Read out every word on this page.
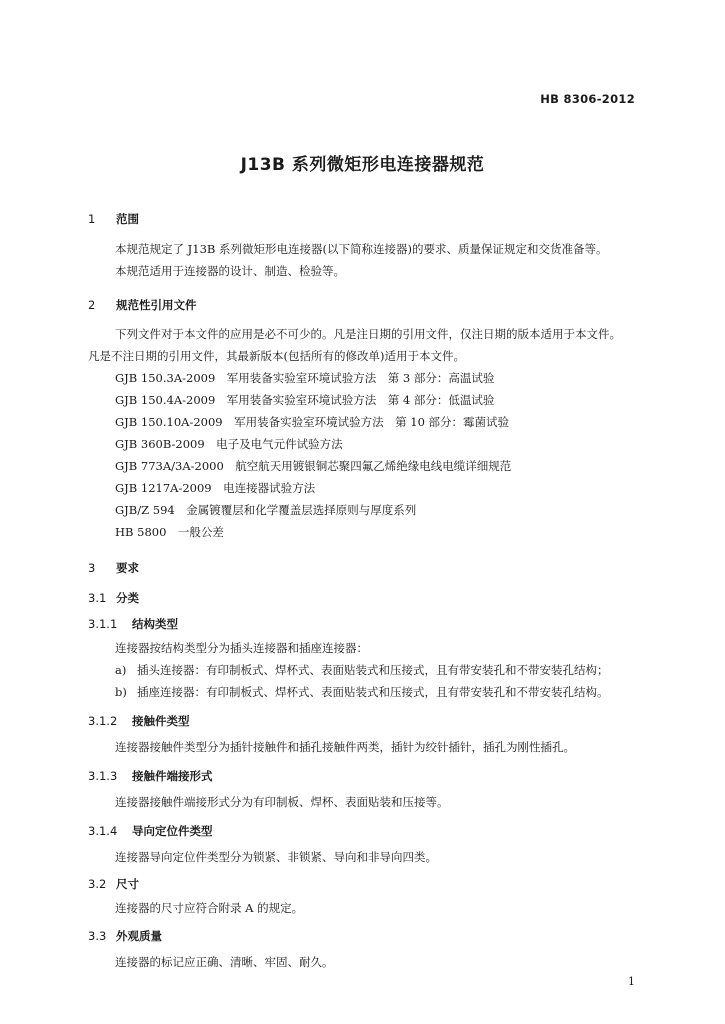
HB 8306-2012
J13B 系列微矩形电连接器规范
1 范围
本规范规定了 J13B 系列微矩形电连接器(以下简称连接器)的要求、质量保证规定和交货准备等。
本规范适用于连接器的设计、制造、检验等。
2 规范性引用文件
下列文件对于本文件的应用是必不可少的。凡是注日期的引用文件，仅注日期的版本适用于本文件。
凡是不注日期的引用文件，其最新版本(包括所有的修改单)适用于本文件。
GJB 150.3A-2009　军用装备实验室环境试验方法　第 3 部分：高温试验
GJB 150.4A-2009　军用装备实验室环境试验方法　第 4 部分：低温试验
GJB 150.10A-2009　军用装备实验室环境试验方法　第 10 部分：霉菌试验
GJB 360B-2009　电子及电气元件试验方法
GJB 773A/3A-2000　航空航天用镀银铜芯聚四氟乙烯绝缘电线电缆详细规范
GJB 1217A-2009　电连接器试验方法
GJB/Z 594　金属镀覆层和化学覆盖层选择原则与厚度系列
HB 5800　一般公差
3 要求
3.1 分类
3.1.1 结构类型
连接器按结构类型分为插头连接器和插座连接器：
a) 插头连接器：有印制板式、焊杯式、表面贴装式和压接式，且有带安装孔和不带安装孔结构；
b) 插座连接器：有印制板式、焊杯式、表面贴装式和压接式，且有带安装孔和不带安装孔结构。
3.1.2 接触件类型
连接器接触件类型分为插针接触件和插孔接触件两类，插针为绞针插针，插孔为刚性插孔。
3.1.3 接触件端接形式
连接器接触件端接形式分为有印制板、焊杯、表面贴装和压接等。
3.1.4 导向定位件类型
连接器导向定位件类型分为锁紧、非锁紧、导向和非导向四类。
3.2 尺寸
连接器的尺寸应符合附录 A 的规定。
3.3 外观质量
连接器的标记应正确、清晰、牢固、耐久。
1
